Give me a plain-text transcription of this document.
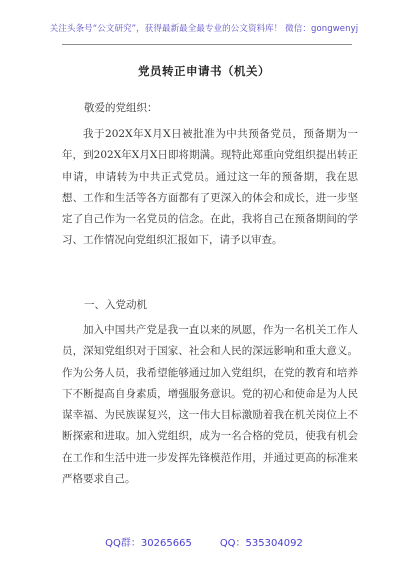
关注头条号“公文研究”，获得最新最全最专业的公文资料库！ 微信：gongwenyj
党员转正申请书（机关）
敬爱的党组织：
我于202X年X月X日被批准为中共预备党员，预备期为一年，到202X年X月X日即将期满。现特此郑重向党组织提出转正申请，申请转为中共正式党员。通过这一年的预备期，我在思想、工作和生活等各方面都有了更深入的体会和成长，进一步坚定了自己作为一名党员的信念。在此，我将自己在预备期间的学习、工作情况向党组织汇报如下，请予以审查。
一、入党动机
加入中国共产党是我一直以来的夙愿，作为一名机关工作人员，深知党组织对于国家、社会和人民的深远影响和重大意义。作为公务人员，我希望能够通过加入党组织，在党的教育和培养下不断提高自身素质，增强服务意识。党的初心和使命是为人民谋幸福、为民族谋复兴，这一伟大目标激励着我在机关岗位上不断探索和进取。加入党组织，成为一名合格的党员，使我有机会在工作和生活中进一步发挥先锋模范作用，并通过更高的标准来严格要求自己。
QQ群：30265665	QQ：535304092
